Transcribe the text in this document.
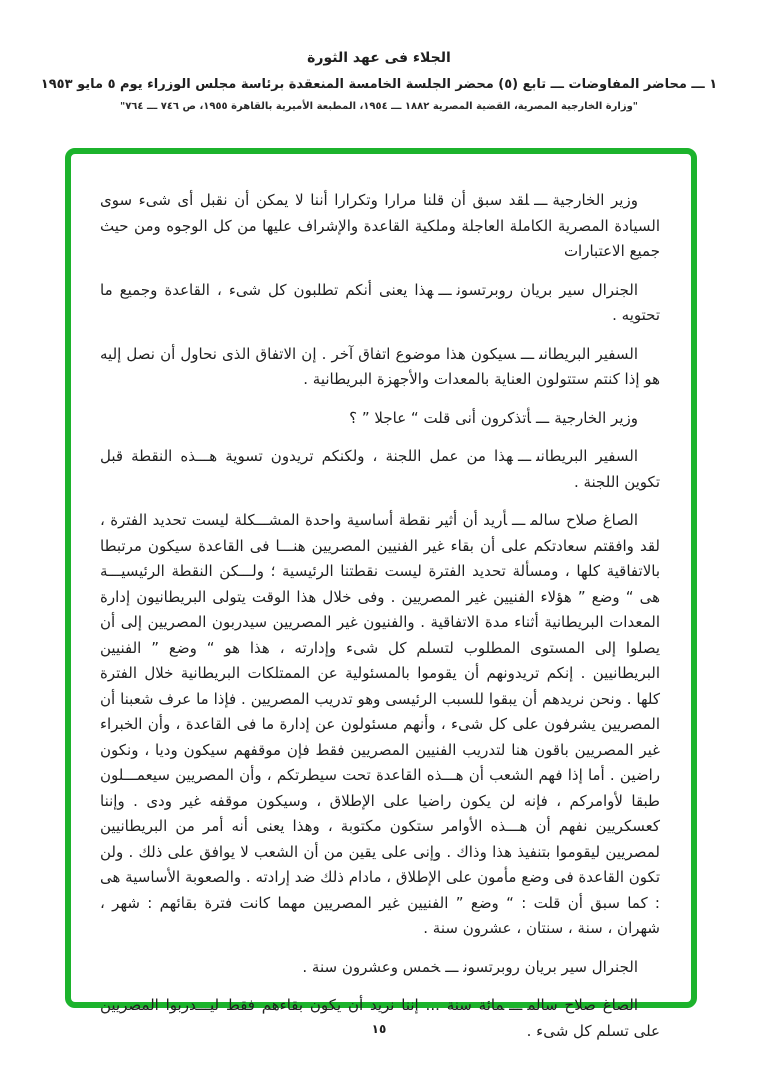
الجلاء فى عهد الثورة
١ ـــ محاضر المفاوضات ـــ تابع (٥) محضر الجلسة الخامسة المنعقدة برئاسة مجلس الوزراء يوم ٥ مايو ١٩٥٣
"وزارة الخارجية المصرية، القضية المصرية ١٨٨٢ ـــ ١٩٥٤، المطبعة الأميرية بالقاهرة ١٩٥٥، ص ٧٤٦ ـــ ٧٦٤"

وزير الخارجيةـــلقد سبق أن قلنا مرارا وتكرارا أننا لا يمكن أن نقبل أى شىء سوى السيادة المصرية الكاملة العاجلة وملكية القاعدة والإشراف عليها من كل الوجوه ومن حيث جميع الاعتبارات

الجنرال سير بريان روبرتسونـــهذا يعنى أنكم تطلبون كل شىء ، القاعدة وجميع ما تحتويه .

السفير البريطانىـــسيكون هذا موضوع اتفاق آخر . إن الاتفاق الذى نحاول أن نصل إليه هو إذا كنتم ستتولون العناية بالمعدات والأجهزة البريطانية .

وزير الخارجيةـــأتذكرون أنى قلت “ عاجلا ” ؟

السفير البريطانىـــهذا من عمل اللجنة ، ولكنكم تريدون تسوية هـــذه النقطة قبل تكوين اللجنة .

الصاغ صلاح سالمـــأريد أن أثير نقطة أساسية واحدة المشـــكلة ليست تحديد الفترة ، لقد وافقتم سعادتكم على أن بقاء غير الفنيين المصريين هنـــا فى القاعدة سيكون مرتبطا بالاتفاقية كلها ، ومسألة تحديد الفترة ليست نقطتنا الرئيسية ؛ ولـــكن النقطة الرئيسيـــة هى “ وضع ” هؤلاء الفنيين غير المصريين . وفى خلال هذا الوقت يتولى البريطانيون إدارة المعدات البريطانية أثناء مدة الاتفاقية . والفنيون غير المصريين سيدربون المصريين إلى أن يصلوا إلى المستوى المطلوب لتسلم كل شىء وإدارته ، هذا هو “ وضع ” الفنيين البريطانيين . إنكم تريدونهم أن يقوموا بالمسئولية عن الممتلكات البريطانية خلال الفترة كلها . ونحن نريدهم أن يبقوا للسبب الرئيسى وهو تدريب المصريين . فإذا ما عرف شعبنا أن المصريين يشرفون على كل شىء ، وأنهم مسئولون عن إدارة ما فى القاعدة ، وأن الخبراء غير المصريين باقون هنا لتدريب الفنيين المصريين فقط فإن موقفهم سيكون وديا ، ونكون راضين . أما إذا فهم الشعب أن هـــذه القاعدة تحت سيطرتكم ، وأن المصريين سيعمـــلون طبقا لأوامركم ، فإنه لن يكون راضيا على الإطلاق ، وسيكون موقفه غير ودى . وإننا كعسكريين نفهم أن هـــذه الأوامر ستكون مكتوبة ، وهذا يعنى أنه أمر من البريطانيين لمصريين ليقوموا بتنفيذ هذا وذاك . وإنى على يقين من أن الشعب لا يوافق على ذلك . ولن تكون القاعدة فى وضع مأمون على الإطلاق ، مادام ذلك ضد إرادته . والصعوبة الأساسية هى : كما سبق أن قلت : “ وضع ” الفنيين غير المصريين مهما كانت فترة بقائهم : شهر ، شهران ، سنة ، سنتان ، عشرون سنة .

الجنرال سير بريان روبرتسونـــخمس وعشرون سنة .

الصاغ صلاح سالمـــمائة سنة ... إننا نريد أن يكون بقاءهم فقط ليـــدربوا المصريين على تسلم كل شىء .

١٥
